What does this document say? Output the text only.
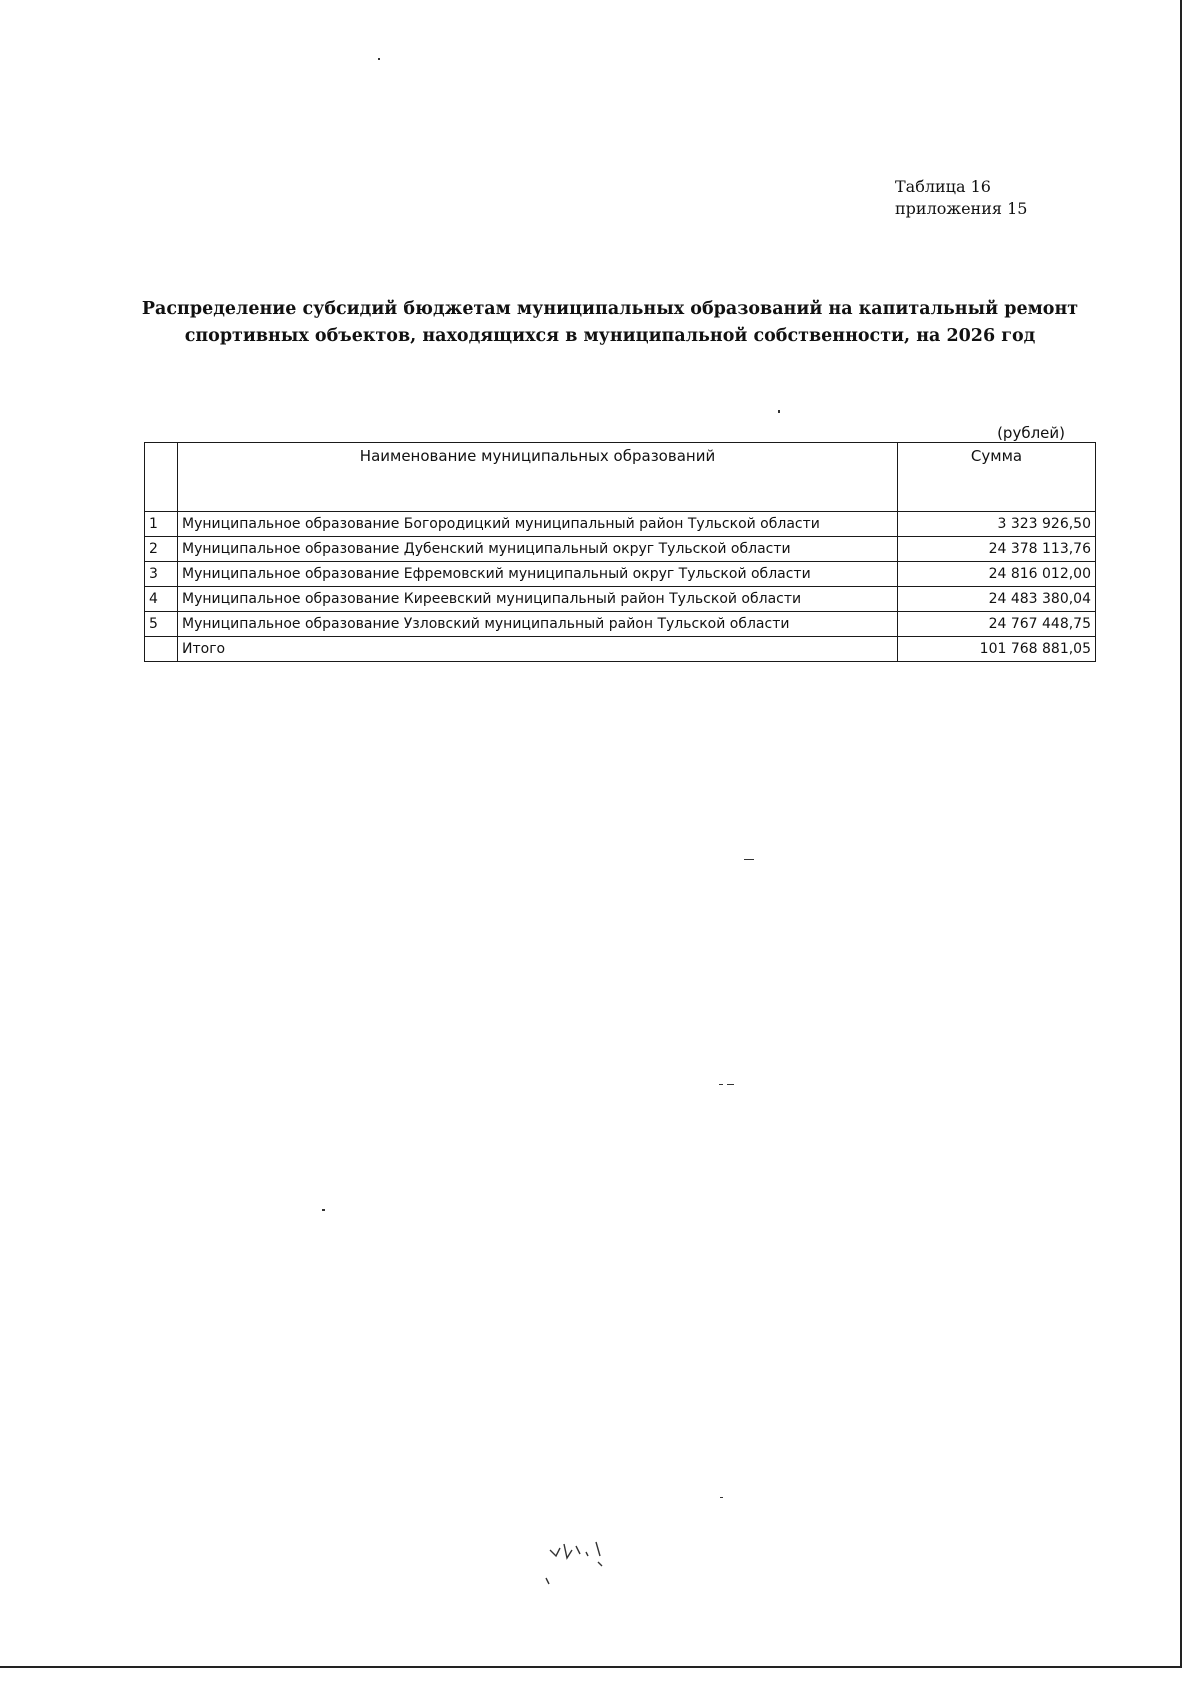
Таблица 16
приложения 15
Распределение субсидий бюджетам муниципальных образований на капитальный ремонт
спортивных объектов, находящихся в муниципальной собственности, на 2026 год
(рублей)
	Наименование муниципальных образований	Сумма
1	Муниципальное образование Богородицкий муниципальный район Тульской области	3 323 926,50
2	Муниципальное образование Дубенский муниципальный округ Тульской области	24 378 113,76
3	Муниципальное образование Ефремовский муниципальный округ Тульской области	24 816 012,00
4	Муниципальное образование Киреевский муниципальный район Тульской области	24 483 380,04
5	Муниципальное образование Узловский муниципальный район Тульской области	24 767 448,75
	Итого	101 768 881,05
